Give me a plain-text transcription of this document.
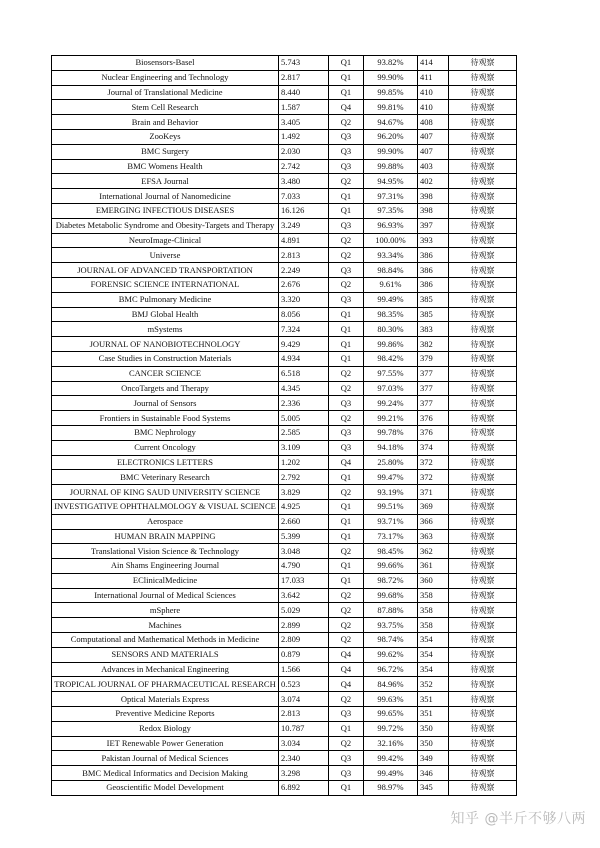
Biosensors-Basel	5.743	Q1	93.82%	414	待观察
Nuclear Engineering and Technology	2.817	Q1	99.90%	411	待观察
Journal of Translational Medicine	8.440	Q1	99.85%	410	待观察
Stem Cell Research	1.587	Q4	99.81%	410	待观察
Brain and Behavior	3.405	Q2	94.67%	408	待观察
ZooKeys	1.492	Q3	96.20%	407	待观察
BMC Surgery	2.030	Q3	99.90%	407	待观察
BMC Womens Health	2.742	Q3	99.88%	403	待观察
EFSA Journal	3.480	Q2	94.95%	402	待观察
International Journal of Nanomedicine	7.033	Q1	97.31%	398	待观察
EMERGING INFECTIOUS DISEASES	16.126	Q1	97.35%	398	待观察
Diabetes Metabolic Syndrome and Obesity-Targets and Therapy	3.249	Q3	96.93%	397	待观察
NeuroImage-Clinical	4.891	Q2	100.00%	393	待观察
Universe	2.813	Q2	93.34%	386	待观察
JOURNAL OF ADVANCED TRANSPORTATION	2.249	Q3	98.84%	386	待观察
FORENSIC SCIENCE INTERNATIONAL	2.676	Q2	9.61%	386	待观察
BMC Pulmonary Medicine	3.320	Q3	99.49%	385	待观察
BMJ Global Health	8.056	Q1	98.35%	385	待观察
mSystems	7.324	Q1	80.30%	383	待观察
JOURNAL OF NANOBIOTECHNOLOGY	9.429	Q1	99.86%	382	待观察
Case Studies in Construction Materials	4.934	Q1	98.42%	379	待观察
CANCER SCIENCE	6.518	Q2	97.55%	377	待观察
OncoTargets and Therapy	4.345	Q2	97.03%	377	待观察
Journal of Sensors	2.336	Q3	99.24%	377	待观察
Frontiers in Sustainable Food Systems	5.005	Q2	99.21%	376	待观察
BMC Nephrology	2.585	Q3	99.78%	376	待观察
Current Oncology	3.109	Q3	94.18%	374	待观察
ELECTRONICS LETTERS	1.202	Q4	25.80%	372	待观察
BMC Veterinary Research	2.792	Q1	99.47%	372	待观察
JOURNAL OF KING SAUD UNIVERSITY SCIENCE	3.829	Q2	93.19%	371	待观察
INVESTIGATIVE OPHTHALMOLOGY & VISUAL SCIENCE	4.925	Q1	99.51%	369	待观察
Aerospace	2.660	Q1	93.71%	366	待观察
HUMAN BRAIN MAPPING	5.399	Q1	73.17%	363	待观察
Translational Vision Science & Technology	3.048	Q2	98.45%	362	待观察
Ain Shams Engineering Journal	4.790	Q1	99.66%	361	待观察
EClinicalMedicine	17.033	Q1	98.72%	360	待观察
International Journal of Medical Sciences	3.642	Q2	99.68%	358	待观察
mSphere	5.029	Q2	87.88%	358	待观察
Machines	2.899	Q2	93.75%	358	待观察
Computational and Mathematical Methods in Medicine	2.809	Q2	98.74%	354	待观察
SENSORS AND MATERIALS	0.879	Q4	99.62%	354	待观察
Advances in Mechanical Engineering	1.566	Q4	96.72%	354	待观察
TROPICAL JOURNAL OF PHARMACEUTICAL RESEARCH	0.523	Q4	84.96%	352	待观察
Optical Materials Express	3.074	Q2	99.63%	351	待观察
Preventive Medicine Reports	2.813	Q3	99.65%	351	待观察
Redox Biology	10.787	Q1	99.72%	350	待观察
IET Renewable Power Generation	3.034	Q2	32.16%	350	待观察
Pakistan Journal of Medical Sciences	2.340	Q3	99.42%	349	待观察
BMC Medical Informatics and Decision Making	3.298	Q3	99.49%	346	待观察
Geoscientific Model Development	6.892	Q1	98.97%	345	待观察
知乎 @半斤不够八两
